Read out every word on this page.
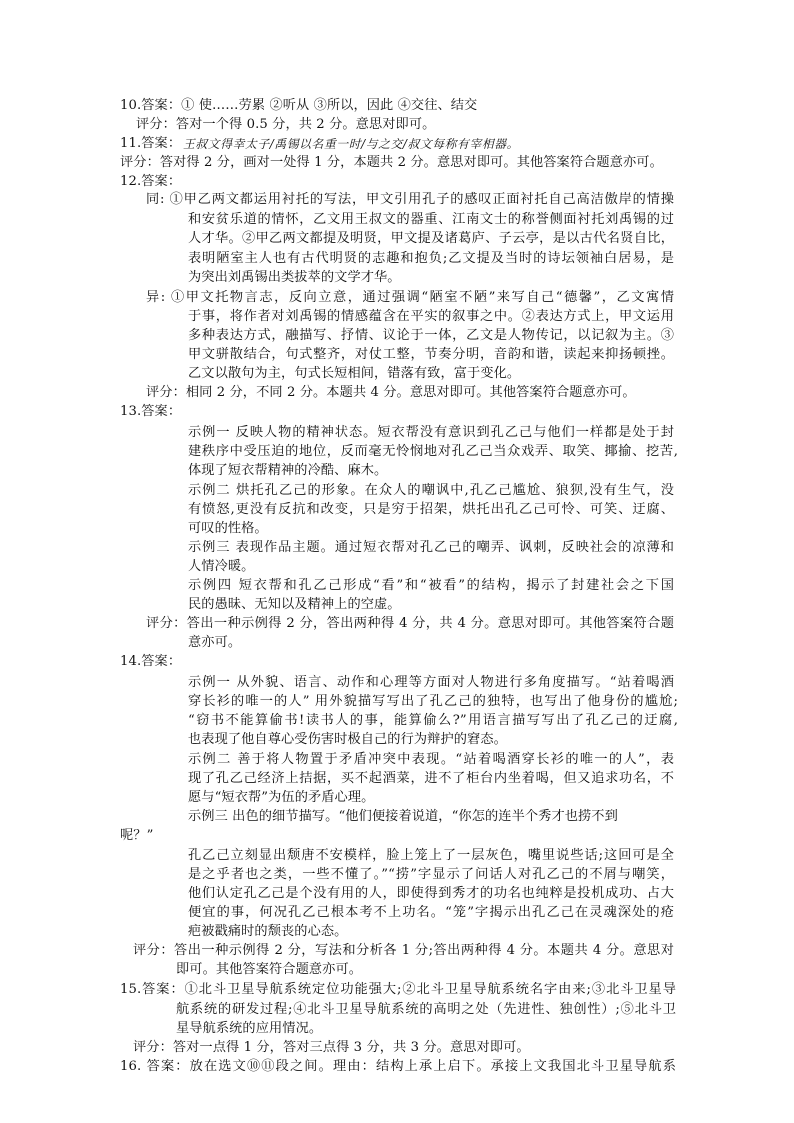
10.答案：① 使……劳累 ②听从 ③所以，因此 ④交往、结交
评分：答对一个得 0.5 分，共 2 分。意思对即可。
11.答案： 王叔文得幸太子/禹锡以名重一时/与之交/叔文每称有宰相器。
评分：答对得 2 分，画对一处得 1 分，本题共 2 分。意思对即可。其他答案符合题意亦可。
12.答案：
同: ①甲乙两文都运用衬托的写法，甲文引用孔子的感叹正面衬托自己高洁傲岸的情操
和安贫乐道的情怀，乙文用王叔文的器重、江南文士的称誉侧面衬托刘禹锡的过
人才华。②甲乙两文都提及明贤，甲文提及诸葛庐、子云亭，是以古代名贤自比，
表明陋室主人也有古代明贤的志趣和抱负;乙文提及当时的诗坛领袖白居易，是
为突出刘禹锡出类拔萃的文学才华。
异: ①甲文托物言志，反向立意，通过强调“陋室不陋”来写自己“德馨”，乙文寓情
于事，将作者对刘禹锡的情感蕴含在平实的叙事之中。②表达方式上，甲文运用
多种表达方式，融描写、抒情、议论于一体，乙文是人物传记，以记叙为主。③
甲文骈散结合，句式整齐，对仗工整，节奏分明，音韵和谐，读起来抑扬顿挫。
乙文以散句为主，句式长短相间，错落有致，富于变化。
评分：相同 2 分，不同 2 分。本题共 4 分。意思对即可。其他答案符合题意亦可。
13.答案：
示例一 反映人物的精神状态。短衣帮没有意识到孔乙己与他们一样都是处于封
建秩序中受压迫的地位，反而毫无怜悯地对孔乙己当众戏弄、取笑、揶揄、挖苦,
体现了短衣帮精神的冷酷、麻木。
示例二 烘托孔乙己的形象。在众人的嘲讽中,孔乙己尴尬、狼狈,没有生气，没
有愤怒,更没有反抗和改变，只是穷于招架，烘托出孔乙己可怜、可笑、迂腐、
可叹的性格。
示例三 表现作品主题。通过短衣帮对孔乙己的嘲弄、讽刺，反映社会的凉薄和
人情冷暖。
示例四 短衣帮和孔乙己形成“看”和“被看”的结构，揭示了封建社会之下国
民的愚昧、无知以及精神上的空虚。
评分：答出一种示例得 2 分，答出两种得 4 分，共 4 分。意思对即可。其他答案符合题
意亦可。
14.答案：
示例一 从外貌、语言、动作和心理等方面对人物进行多角度描写。“站着喝酒
穿长衫的唯一的人” 用外貌描写写出了孔乙己的独特，也写出了他身份的尴尬;
“窃书不能算偷书!读书人的事，能算偷么?”用语言描写写出了孔乙己的迂腐,
也表现了他自尊心受伤害时极自己的行为辩护的窘态。
示例二 善于将人物置于矛盾冲突中表现。“站着喝酒穿长衫的唯一的人”，表
现了孔乙己经济上拮据，买不起酒菜，进不了柜台内坐着喝，但又追求功名，不
愿与“短衣帮”为伍的矛盾心理。
示例三 出色的细节描写。“他们便接着说道，“你怎的连半个秀才也捞不到
呢？”
孔乙己立刻显出颓唐不安模样，脸上笼上了一层灰色，嘴里说些话;这回可是全
是之乎者也之类，一些不懂了。”“捞”字显示了问话人对孔乙己的不屑与嘲笑，
他们认定孔乙己是个没有用的人，即使得到秀才的功名也纯粹是投机成功、占大
便宜的事，何况孔乙己根本考不上功名。“笼”字揭示出孔乙己在灵魂深处的疮
疤被戳痛时的颓丧的心态。
评分：答出一种示例得 2 分，写法和分析各 1 分;答出两种得 4 分。本题共 4 分。意思对
即可。其他答案符合题意亦可。
15.答案：①北斗卫星导航系统定位功能强大;②北斗卫星导航系统名字由来;③北斗卫星导
航系统的研发过程;④北斗卫星导航系统的高明之处（先进性、独创性）;⑤北斗卫
星导航系统的应用情况。
评分：答对一点得 1 分，答对三点得 3 分，共 3 分。意思对即可。
16. 答案：放在选文⑩⑪段之间。理由：结构上承上启下。承接上文我国北斗卫星导航系
